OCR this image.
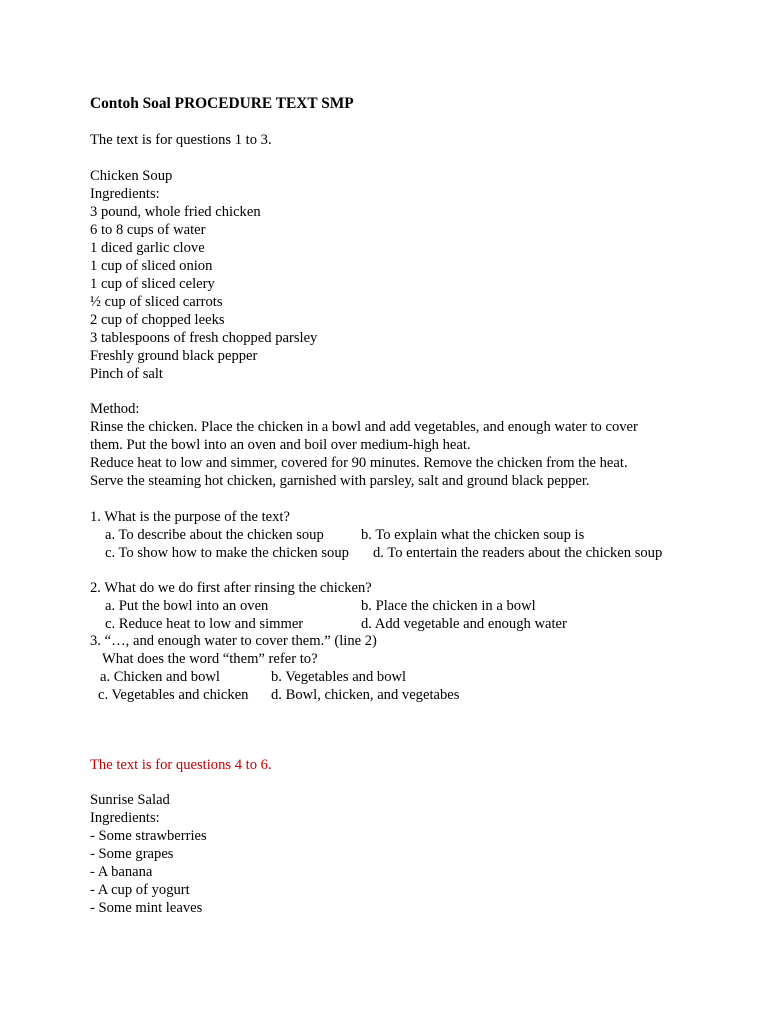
Contoh Soal PROCEDURE TEXT SMP
The text is for questions 1 to 3.
Chicken Soup
Ingredients:
3 pound, whole fried chicken
6 to 8 cups of water
1 diced garlic clove
1 cup of sliced onion
1 cup of sliced celery
½ cup of sliced carrots
2 cup of chopped leeks
3 tablespoons of fresh chopped parsley
Freshly ground black pepper
Pinch of salt
Method:
Rinse the chicken. Place the chicken in a bowl and add vegetables, and enough water to cover
them. Put the bowl into an oven and boil over medium-high heat.
Reduce heat to low and simmer, covered for 90 minutes. Remove the chicken from the heat.
Serve the steaming hot chicken, garnished with parsley, salt and ground black pepper.
1. What is the purpose of the text?
a. To describe about the chicken soup	b. To explain what the chicken soup is
c. To show how to make the chicken soup d. To entertain the readers about the chicken soup
2. What do we do first after rinsing the chicken?
a. Put the bowl into an oven	b. Place the chicken in a bowl
c. Reduce heat to low and simmer	d. Add vegetable and enough water
3. “…, and enough water to cover them.” (line 2)
What does the word “them” refer to?
a. Chicken and bowl	b. Vegetables and bowl
c. Vegetables and chicken d. Bowl, chicken, and vegetabes
The text is for questions 4 to 6.
Sunrise Salad
Ingredients:
- Some strawberries
- Some grapes
- A banana
- A cup of yogurt
- Some mint leaves
